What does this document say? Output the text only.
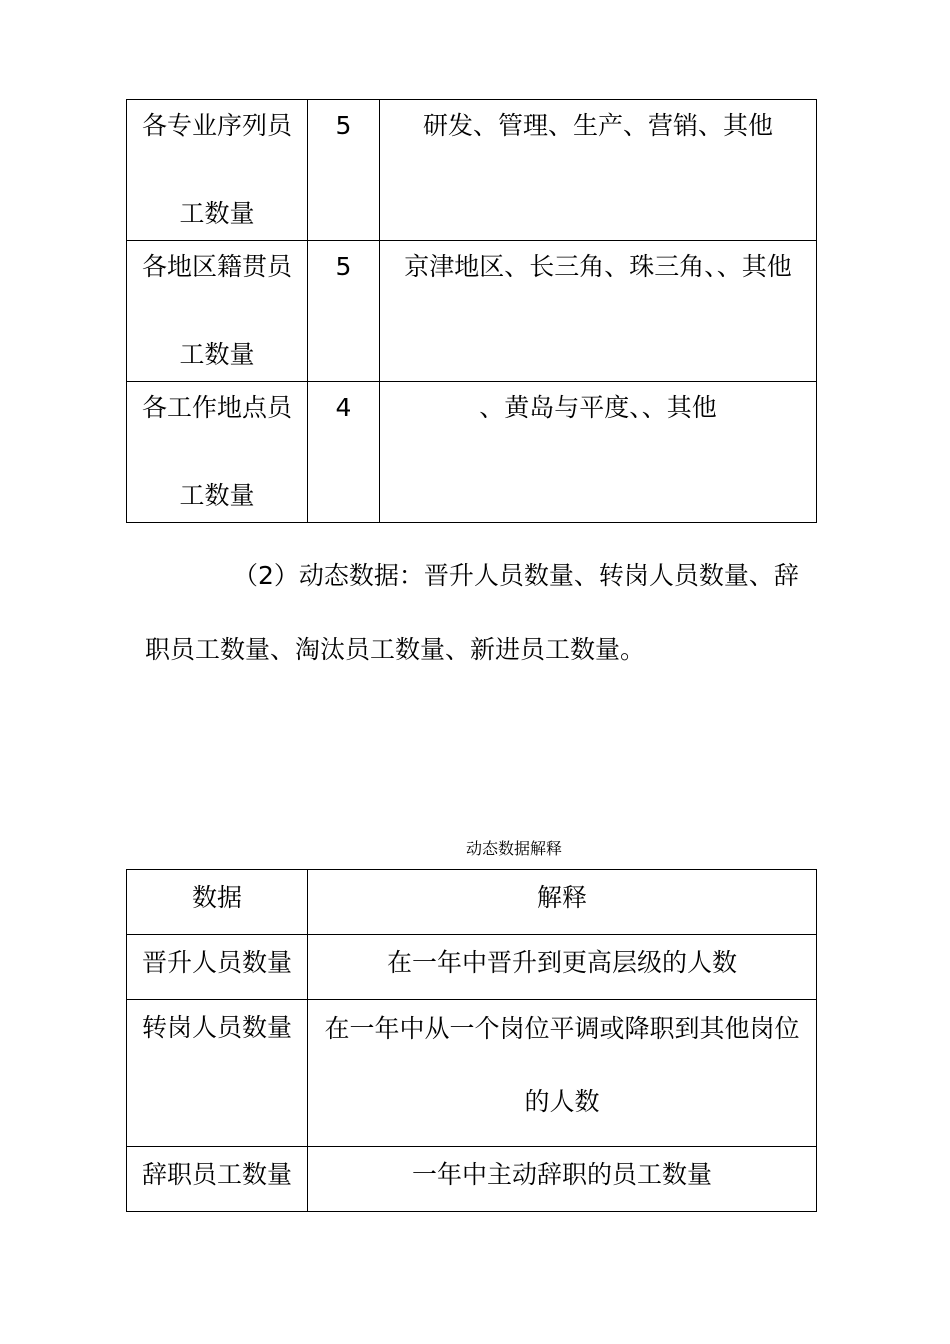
各专业序列员
工数量	5	研发、管理、生产、营销、其他

各地区籍贯员
工数量	5	京津地区、长三角、珠三角、、其他

各工作地点员
工数量	4	、黄岛与平度、、其他
（2）动态数据：晋升人员数量、转岗人员数量、辞
职员工数量、淘汰员工数量、新进员工数量。
动态数据解释
数据	解释
晋升人员数量	在一年中晋升到更高层级的人数
转岗人员数量	在一年中从一个岗位平调或降职到其他岗位
的人数

辞职员工数量	一年中主动辞职的员工数量
